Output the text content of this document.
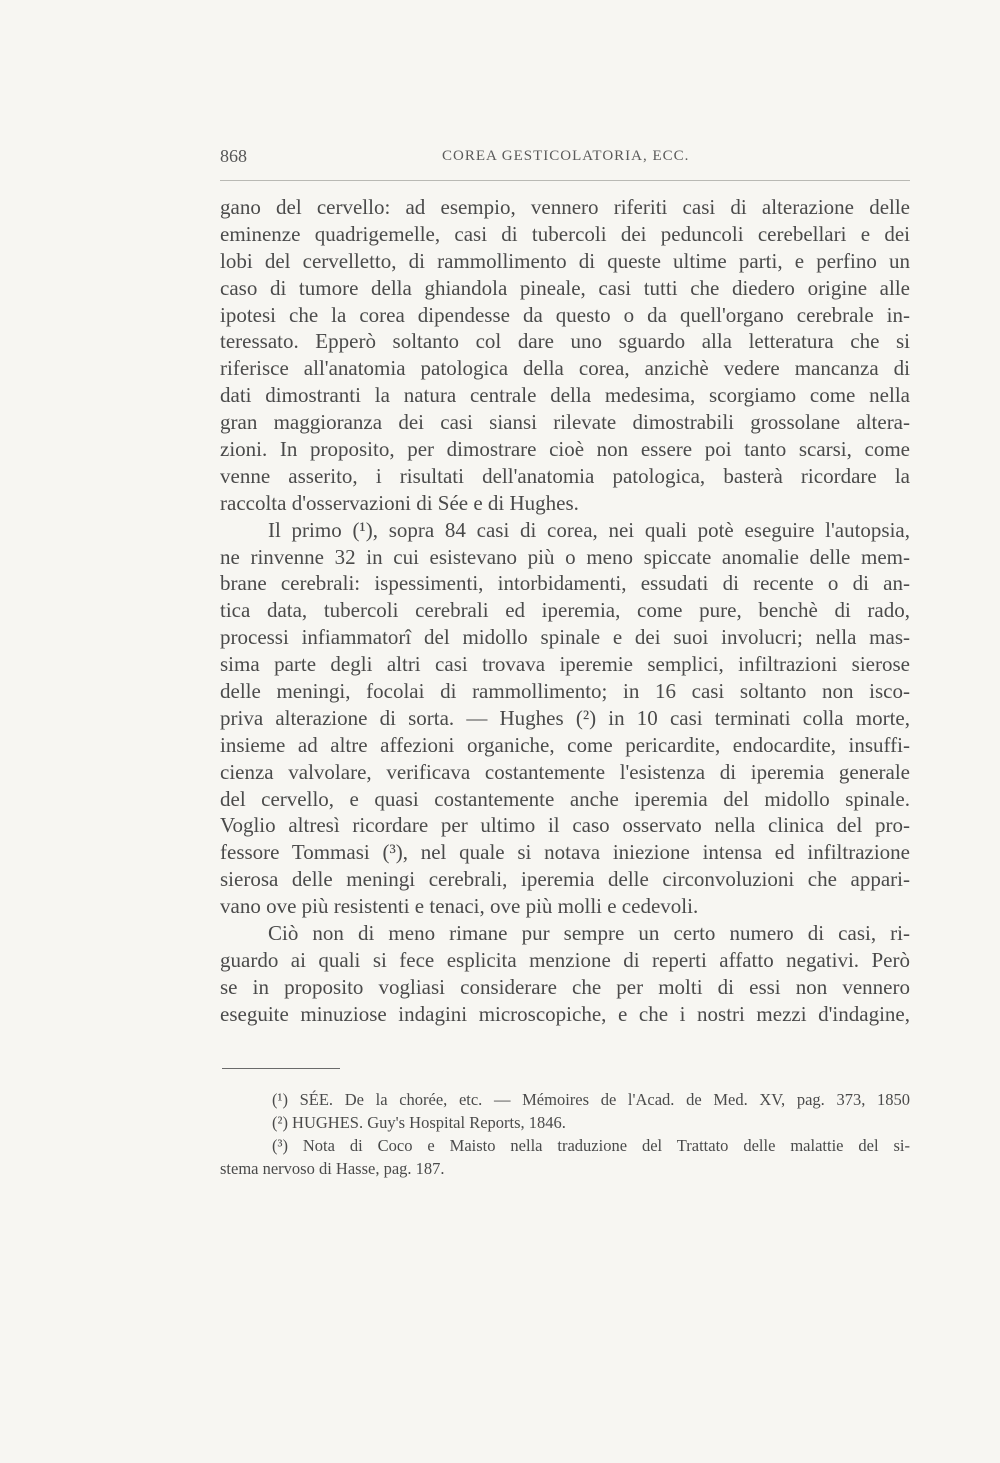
868	COREA GESTICOLATORIA, ECC.
gano del cervello: ad esempio, vennero riferiti casi di alterazione delle
eminenze quadrigemelle, casi di tubercoli dei peduncoli cerebellari e dei
lobi del cervelletto, di rammollimento di queste ultime parti, e perfino un
caso di tumore della ghiandola pineale, casi tutti che diedero origine alle
ipotesi che la corea dipendesse da questo o da quell'organo cerebrale in-
teressato. Epperò soltanto col dare uno sguardo alla letteratura che si
riferisce all'anatomia patologica della corea, anzichè vedere mancanza di
dati dimostranti la natura centrale della medesima, scorgiamo come nella
gran maggioranza dei casi siansi rilevate dimostrabili grossolane altera-
zioni. In proposito, per dimostrare cioè non essere poi tanto scarsi, come
venne asserito, i risultati dell'anatomia patologica, basterà ricordare la
raccolta d'osservazioni di Sée e di Hughes.
Il primo (¹), sopra 84 casi di corea, nei quali potè eseguire l'autopsia,
ne rinvenne 32 in cui esistevano più o meno spiccate anomalie delle mem-
brane cerebrali: ispessimenti, intorbidamenti, essudati di recente o di an-
tica data, tubercoli cerebrali ed iperemia, come pure, benchè di rado,
processi infiammatorî del midollo spinale e dei suoi involucri; nella mas-
sima parte degli altri casi trovava iperemie semplici, infiltrazioni sierose
delle meningi, focolai di rammollimento; in 16 casi soltanto non isco-
priva alterazione di sorta. — Hughes (²) in 10 casi terminati colla morte,
insieme ad altre affezioni organiche, come pericardite, endocardite, insuffi-
cienza valvolare, verificava costantemente l'esistenza di iperemia generale
del cervello, e quasi costantemente anche iperemia del midollo spinale.
Voglio altresì ricordare per ultimo il caso osservato nella clinica del pro-
fessore Tommasi (³), nel quale si notava iniezione intensa ed infiltrazione
sierosa delle meningi cerebrali, iperemia delle circonvoluzioni che appari-
vano ove più resistenti e tenaci, ove più molli e cedevoli.
Ciò non di meno rimane pur sempre un certo numero di casi, ri-
guardo ai quali si fece esplicita menzione di reperti affatto negativi. Però
se in proposito vogliasi considerare che per molti di essi non vennero
eseguite minuziose indagini microscopiche, e che i nostri mezzi d'indagine,
(¹) SÉE. De la chorée, etc. — Mémoires de l'Acad. de Med. XV, pag. 373, 1850
(²) HUGHES. Guy's Hospital Reports, 1846.
(³) Nota di Coco e Maisto nella traduzione del Trattato delle malattie del si-
stema nervoso di Hasse, pag. 187.
